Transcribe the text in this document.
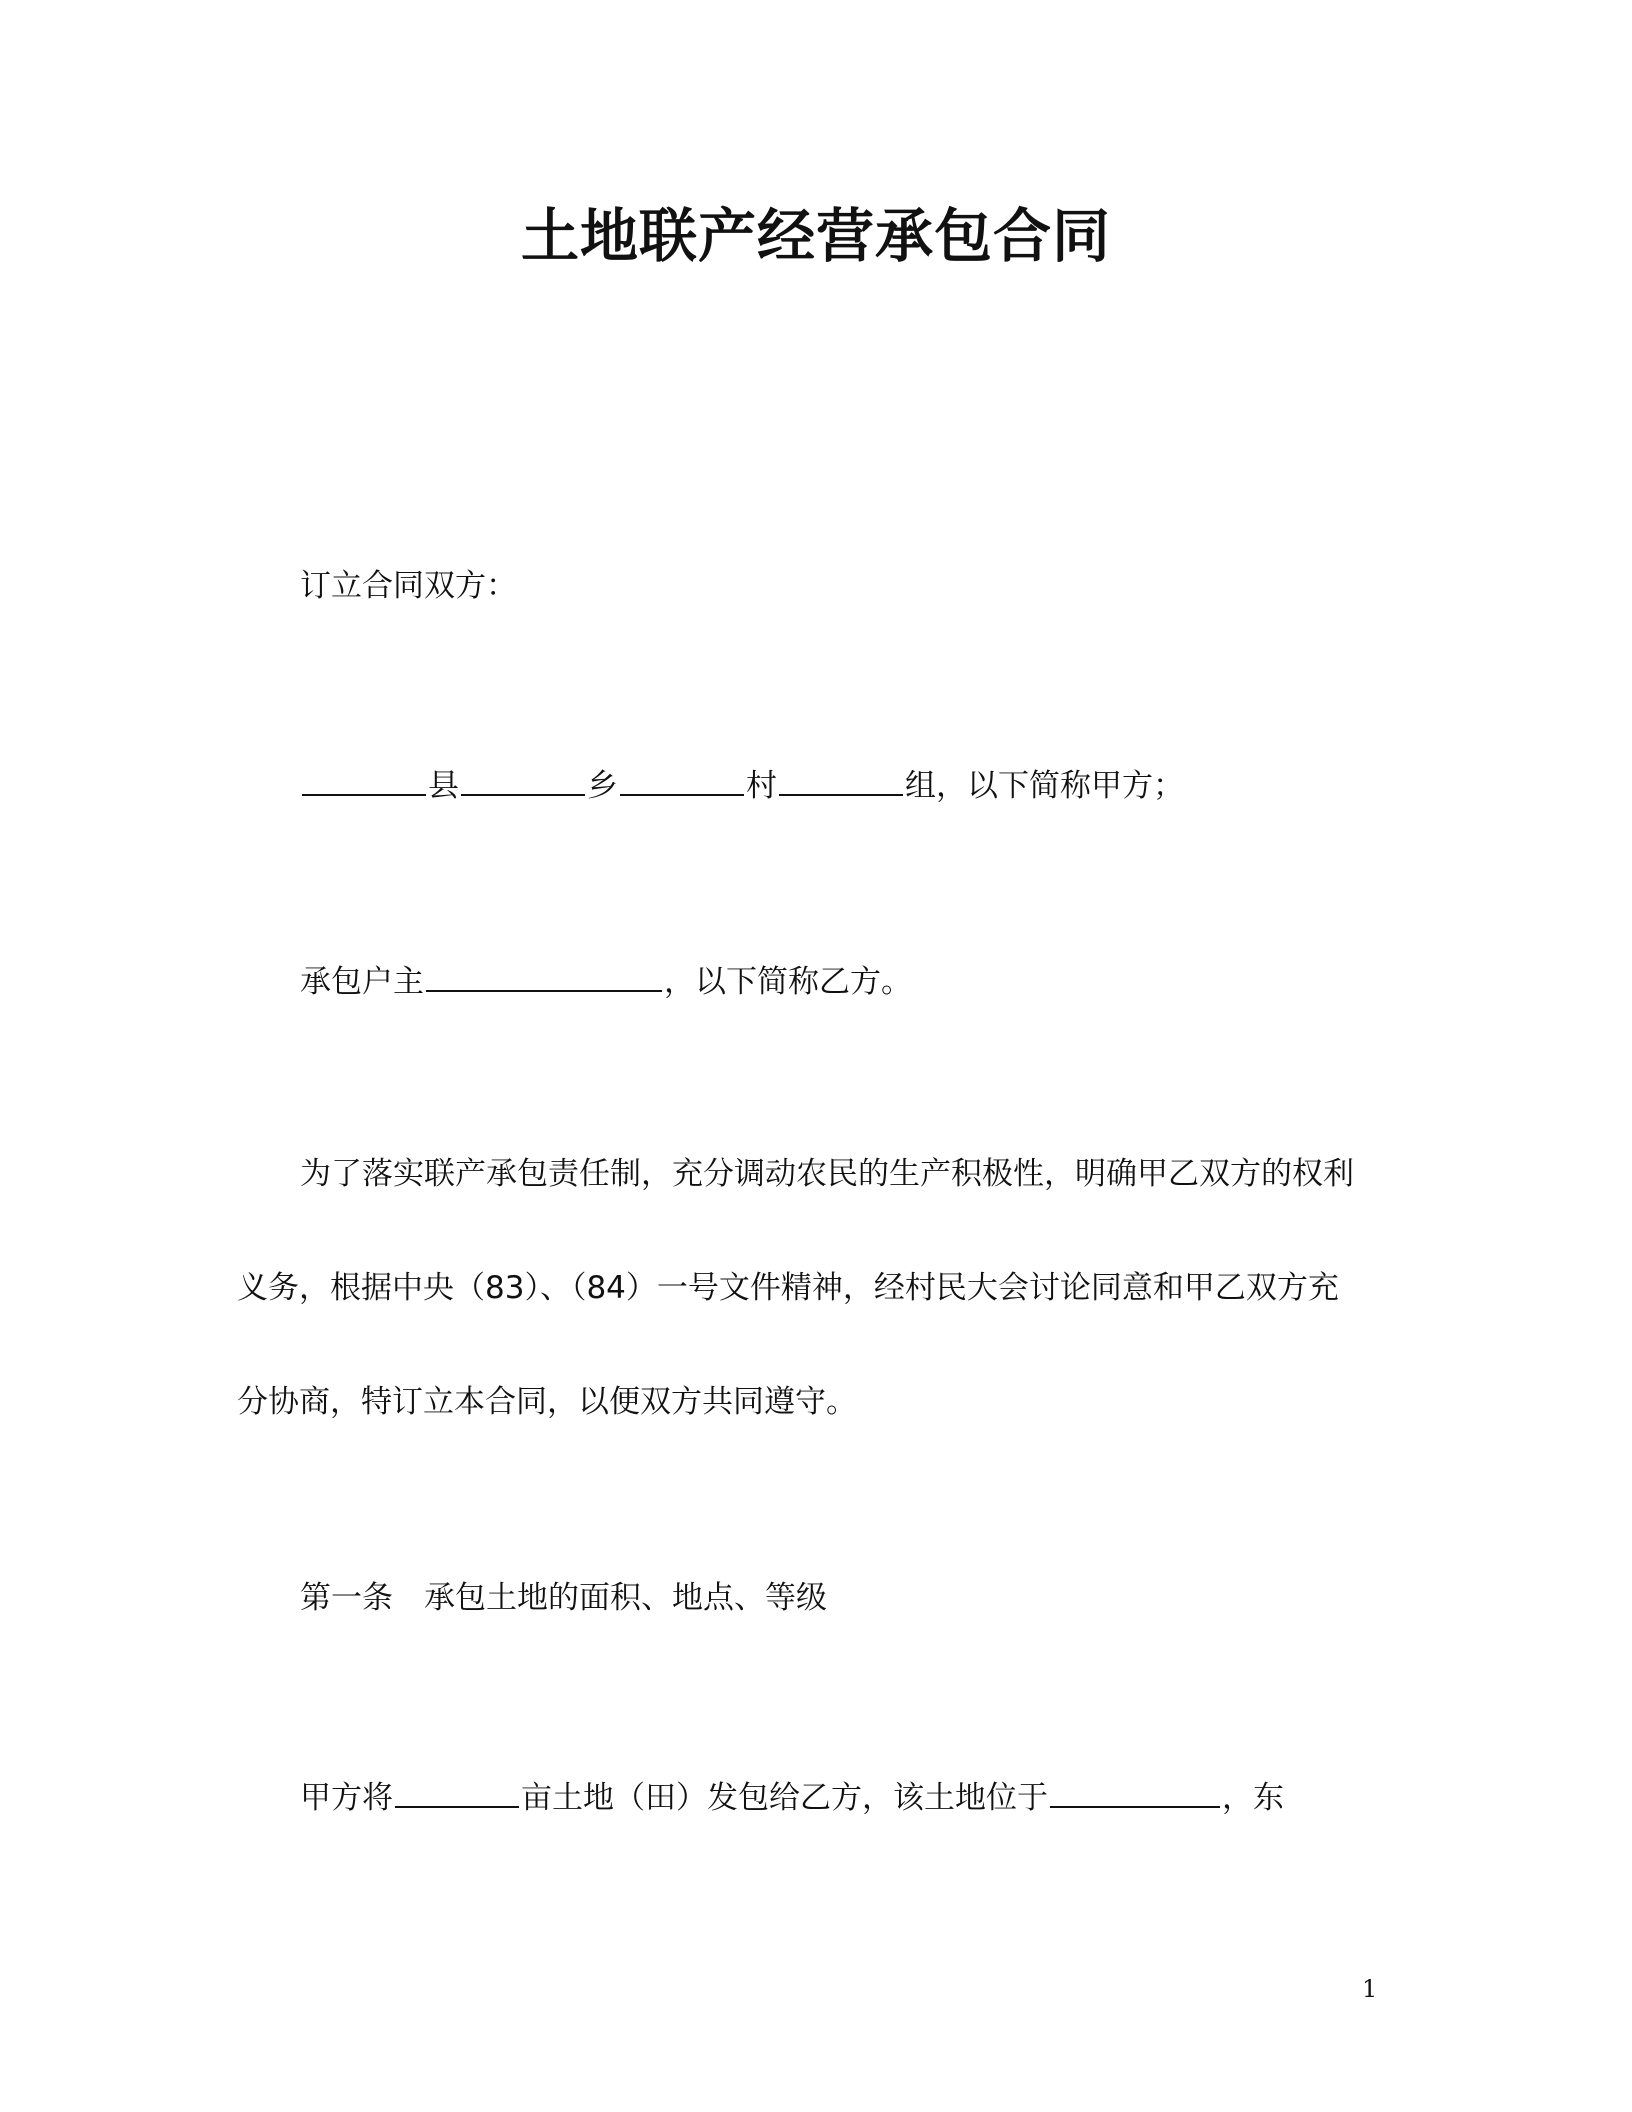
土地联产经营承包合同
订立合同双方：
县	乡	村	组，以下简称甲方；
承包户主	，以下简称乙方。
为了落实联产承包责任制，充分调动农民的生产积极性，明确甲乙双方的权利
义务，根据中央（83）、（84）一号文件精神，经村民大会讨论同意和甲乙双方充
分协商，特订立本合同，以便双方共同遵守。
第一条　承包土地的面积、地点、等级
甲方将	亩土地（田）发包给乙方，该土地位于	，东
1
